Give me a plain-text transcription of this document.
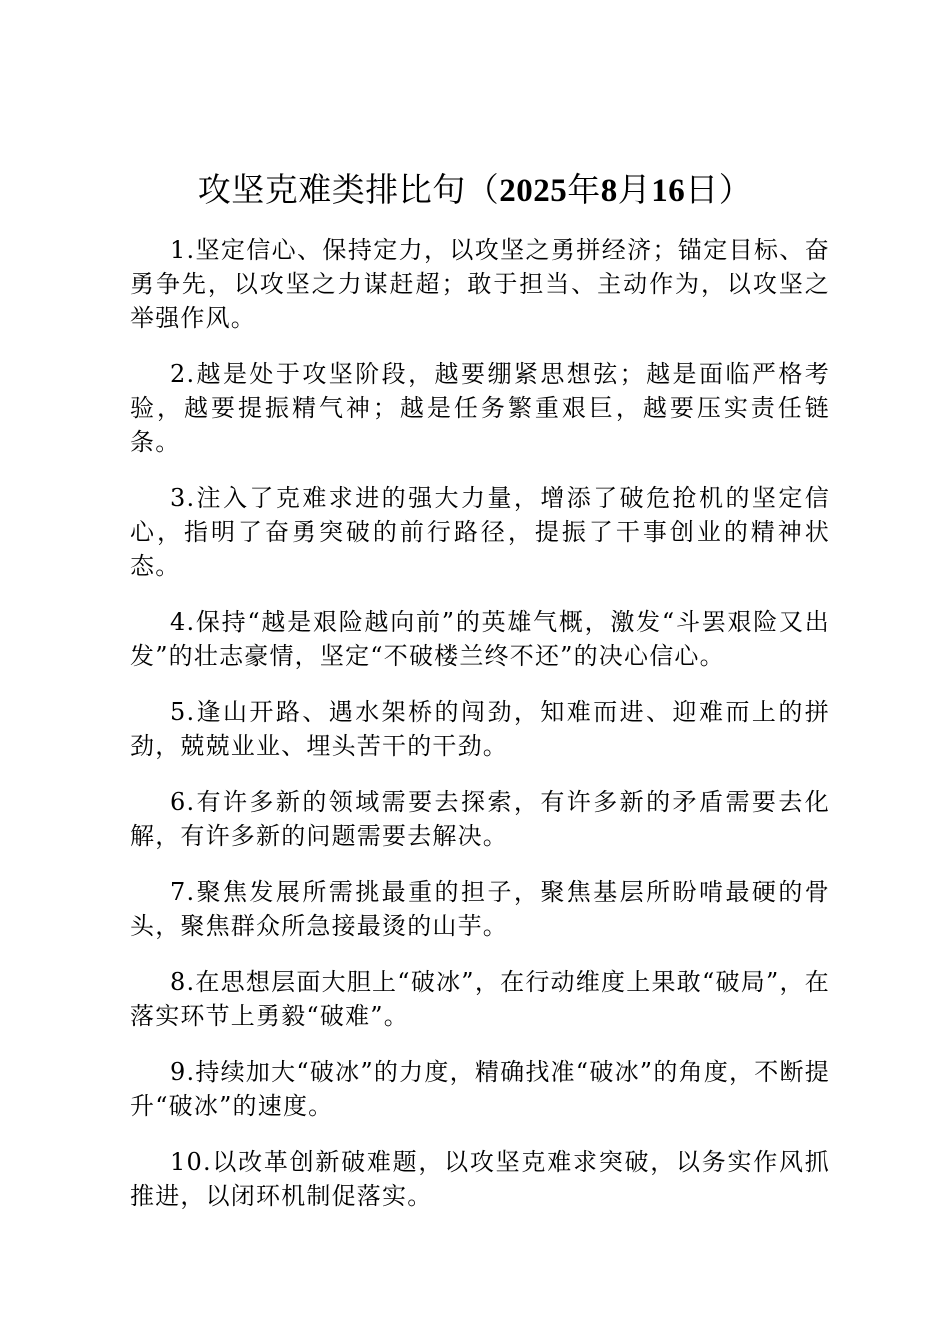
攻坚克难类排比句（2025年8月16日）

1.坚定信心、保持定力，以攻坚之勇拼经济；锚定目标、奋勇争先，以攻坚之力谋赶超；敢于担当、主动作为，以攻坚之举强作风。

2.越是处于攻坚阶段，越要绷紧思想弦；越是面临严格考验，越要提振精气神；越是任务繁重艰巨，越要压实责任链条。

3.注入了克难求进的强大力量，增添了破危抢机的坚定信心，指明了奋勇突破的前行路径，提振了干事创业的精神状态。

4.保持“越是艰险越向前”的英雄气概，激发“斗罢艰险又出发”的壮志豪情，坚定“不破楼兰终不还”的决心信心。

5.逢山开路、遇水架桥的闯劲，知难而进、迎难而上的拼劲，兢兢业业、埋头苦干的干劲。

6.有许多新的领域需要去探索，有许多新的矛盾需要去化解，有许多新的问题需要去解决。

7.聚焦发展所需挑最重的担子，聚焦基层所盼啃最硬的骨头，聚焦群众所急接最烫的山芋。

8.在思想层面大胆上“破冰”，在行动维度上果敢“破局”，在落实环节上勇毅“破难”。

9.持续加大“破冰”的力度，精确找准“破冰”的角度，不断提升“破冰”的速度。

10.以改革创新破难题，以攻坚克难求突破，以务实作风抓推进，以闭环机制促落实。
